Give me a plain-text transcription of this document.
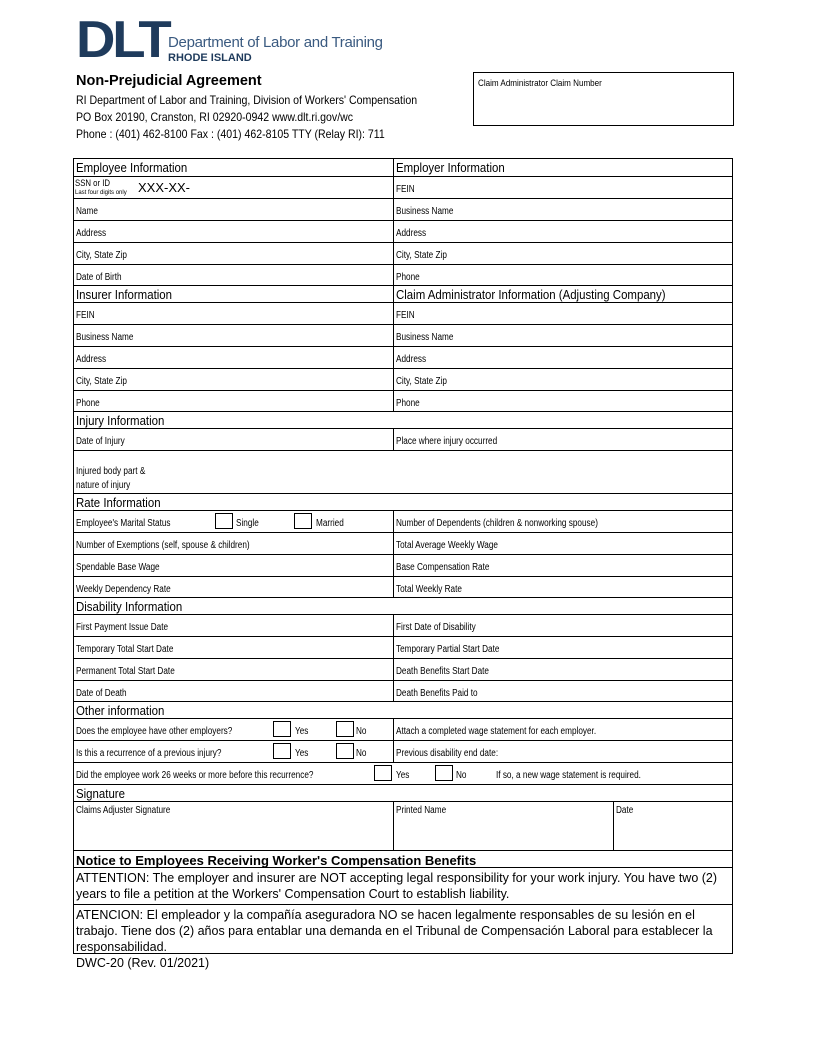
DLT Department of Labor and Training
RHODE ISLAND
Non-Prejudicial Agreement
RI Department of Labor and Training, Division of Workers' Compensation
PO Box 20190, Cranston, RI 02920-0942 www.dlt.ri.gov/wc
Phone : (401) 462-8100 Fax : (401) 462-8105 TTY (Relay RI): 711
Claim Administrator Claim Number
Employee Information	Employer Information
SSN or ID
Last four digits only XXX-XX-	FEIN
Name	Business Name
Address	Address
City, State Zip	City, State Zip
Date of Birth	Phone
Insurer Information	Claim Administrator Information (Adjusting Company)
FEIN	FEIN
Business Name	Business Name
Address	Address
City, State Zip	City, State Zip
Phone	Phone
Injury Information
Date of Injury	Place where injury occurred
Injured body part &
nature of injury
Rate Information
Employee's Marital Status	Single	Married	Number of Dependents (children & nonworking spouse)
Number of Exemptions (self, spouse & children)	Total Average Weekly Wage
Spendable Base Wage	Base Compensation Rate
Weekly Dependency Rate	Total Weekly Rate
Disability Information
First Payment Issue Date	First Date of Disability
Temporary Total Start Date	Temporary Partial Start Date
Permanent Total Start Date	Death Benefits Start Date
Date of Death	Death Benefits Paid to
Other information
Does the employee have other employers?	Yes	No	Attach a completed wage statement for each employer.
Is this a recurrence of a previous injury?	Yes	No	Previous disability end date:
Did the employee work 26 weeks or more before this recurrence?	Yes	No	If so, a new wage statement is required.
Signature
Claims Adjuster Signature	Printed Name	Date
Notice to Employees Receiving Worker's Compensation Benefits
ATTENTION: The employer and insurer are NOT accepting legal responsibility for your work injury. You have two (2) years to file a petition at the Workers' Compensation Court to establish liability.
ATENCION: El empleador y la compañía aseguradora NO se hacen legalmente responsables de su lesión en el trabajo. Tiene dos (2) años para entablar una demanda en el Tribunal de Compensación Laboral para establecer la responsabilidad.
DWC-20 (Rev. 01/2021)
